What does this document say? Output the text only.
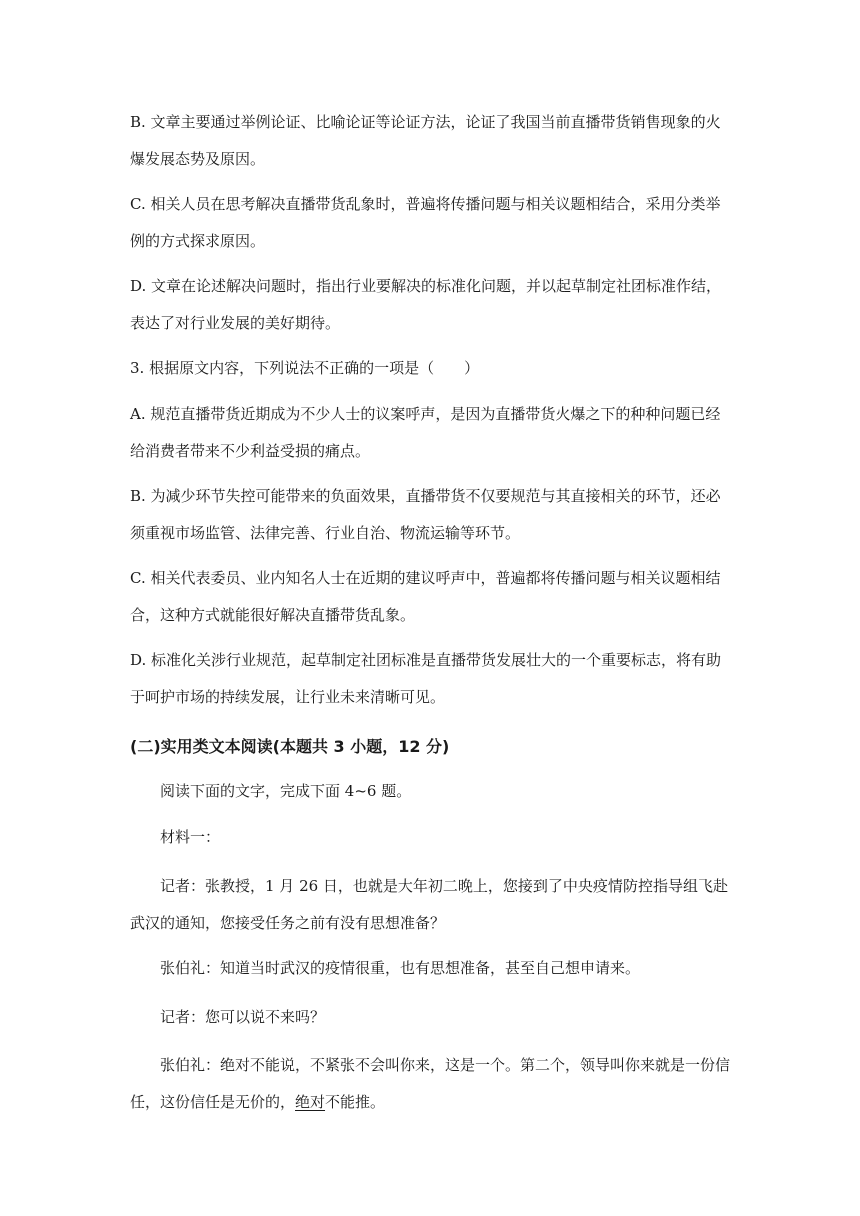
B. 文章主要通过举例论证、比喻论证等论证方法，论证了我国当前直播带货销售现象的火

爆发展态势及原因。

C. 相关人员在思考解决直播带货乱象时，普遍将传播问题与相关议题相结合，采用分类举

例的方式探求原因。

D. 文章在论述解决问题时，指出行业要解决的标准化问题，并以起草制定社团标准作结，

表达了对行业发展的美好期待。

3. 根据原文内容，下列说法不正确的一项是（　　）

A. 规范直播带货近期成为不少人士的议案呼声，是因为直播带货火爆之下的种种问题已经

给消费者带来不少利益受损的痛点。

B. 为减少环节失控可能带来的负面效果，直播带货不仅要规范与其直接相关的环节，还必

须重视市场监管、法律完善、行业自治、物流运输等环节。

C. 相关代表委员、业内知名人士在近期的建议呼声中，普遍都将传播问题与相关议题相结

合，这种方式就能很好解决直播带货乱象。

D. 标准化关涉行业规范，起草制定社团标准是直播带货发展壮大的一个重要标志，将有助

于呵护市场的持续发展，让行业未来清晰可见。

(二)实用类文本阅读(本题共 3 小题，12 分)

阅读下面的文字，完成下面 4~6 题。

材料一：

记者：张教授，1 月 26 日，也就是大年初二晚上，您接到了中央疫情防控指导组飞赴

武汉的通知，您接受任务之前有没有思想准备？

张伯礼：知道当时武汉的疫情很重，也有思想准备，甚至自己想申请来。

记者：您可以说不来吗？

张伯礼：绝对不能说，不紧张不会叫你来，这是一个。第二个，领导叫你来就是一份信

任，这份信任是无价的，绝对不能推。
